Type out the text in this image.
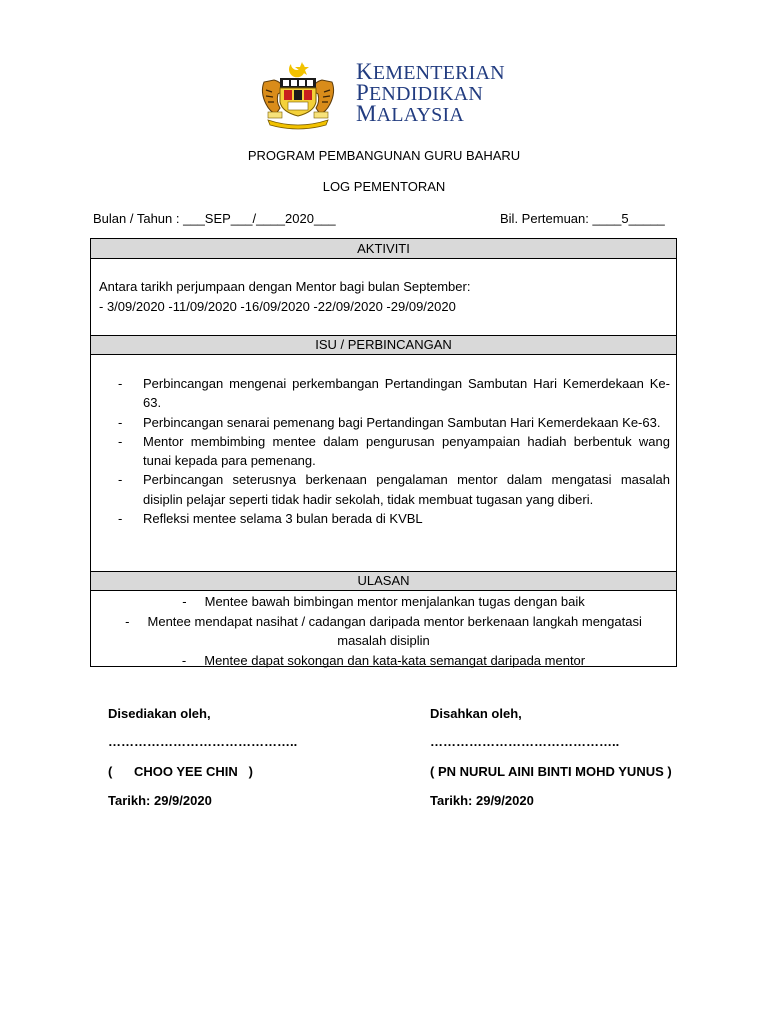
KEMENTERIAN
PENDIDIKAN
MALAYSIA
PROGRAM PEMBANGUNAN GURU BAHARU
LOG PEMENTORAN
Bulan / Tahun : ___SEP___/____2020___	Bil. Pertemuan: ____5_____
AKTIVITI
Antara tarikh perjumpaan dengan Mentor bagi bulan September:
- 3/09/2020 -11/09/2020 -16/09/2020 -22/09/2020 -29/09/2020
ISU / PERBINCANGAN
- Perbincangan mengenai perkembangan Pertandingan Sambutan Hari Kemerdekaan Ke-63.
- Perbincangan senarai pemenang bagi Pertandingan Sambutan Hari Kemerdekaan Ke-63.
- Mentor membimbing mentee dalam pengurusan penyampaian hadiah berbentuk wang tunai kepada para pemenang.
- Perbincangan seterusnya berkenaan pengalaman mentor dalam mengatasi masalah disiplin pelajar seperti tidak hadir sekolah, tidak membuat tugasan yang diberi.
- Refleksi mentee selama 3 bulan berada di KVBL
ULASAN
-     Mentee bawah bimbingan mentor menjalankan tugas dengan baik
-     Mentee mendapat nasihat / cadangan daripada mentor berkenaan langkah mengatasi
masalah disiplin
-     Mentee dapat sokongan dan kata-kata semangat daripada mentor
Disediakan oleh,
……………………………………..
(      CHOO YEE CHIN   )
Tarikh: 29/9/2020
Disahkan oleh,
……………………………………..
( PN NURUL AINI BINTI MOHD YUNUS )
Tarikh: 29/9/2020
